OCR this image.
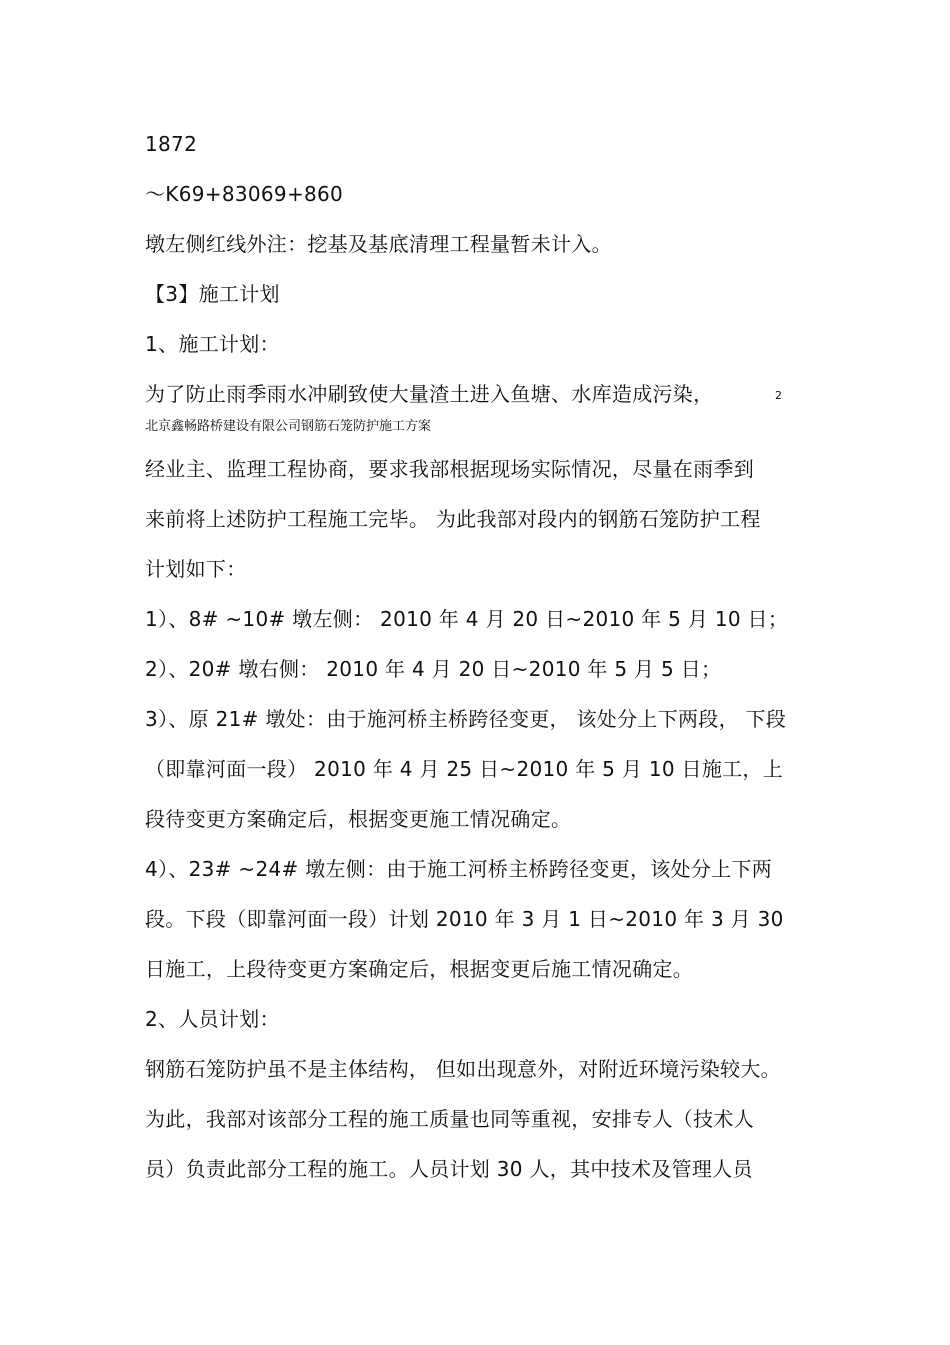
1872
～K69+83069+860
墩左侧红线外注：挖基及基底清理工程量暂未计入。
【3】施工计划
1、施工计划：
为了防止雨季雨水冲刷致使大量渣土进入鱼塘、水库造成污染，	2
北京鑫畅路桥建设有限公司钢筋石笼防护施工方案
经业主、监理工程协商，要求我部根据现场实际情况，尽量在雨季到
来前将上述防护工程施工完毕。 为此我部对段内的钢筋石笼防护工程
计划如下：
1）、8# ~10# 墩左侧： 2010 年 4 月 20 日~2010 年 5 月 10 日；
2）、20# 墩右侧： 2010 年 4 月 20 日~2010 年 5 月 5 日；
3）、原 21# 墩处：由于施河桥主桥跨径变更， 该处分上下两段， 下段
（即靠河面一段） 2010 年 4 月 25 日~2010 年 5 月 10 日施工，上
段待变更方案确定后，根据变更施工情况确定。
4）、23# ~24# 墩左侧：由于施工河桥主桥跨径变更，该处分上下两
段。下段（即靠河面一段）计划 2010 年 3 月 1 日~2010 年 3 月 30
日施工，上段待变更方案确定后，根据变更后施工情况确定。
2、人员计划：
钢筋石笼防护虽不是主体结构， 但如出现意外，对附近环境污染较大。
为此，我部对该部分工程的施工质量也同等重视，安排专人（技术人
员）负责此部分工程的施工。人员计划 30 人，其中技术及管理人员
